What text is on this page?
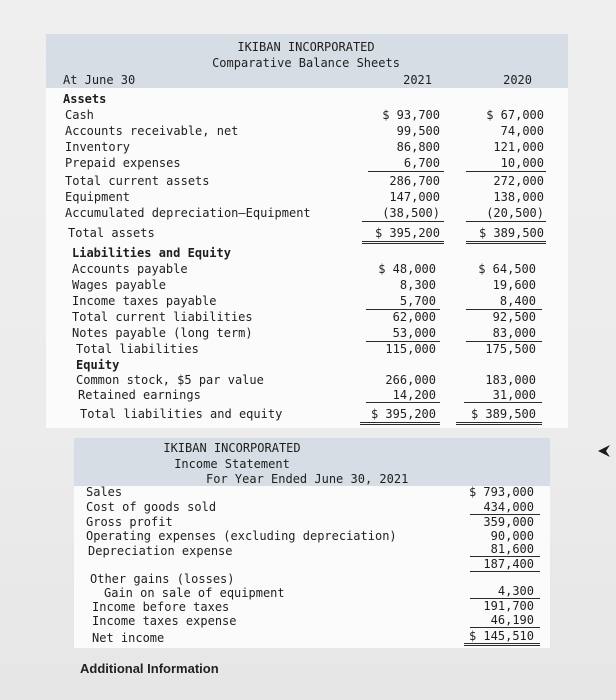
IKIBAN INCORPORATED
Comparative Balance Sheets
At June 30	2021	2020
Assets
Cash	$ 93,700	$ 67,000
Accounts receivable, net	99,500	74,000
Inventory	86,800	121,000
Prepaid expenses	6,700	10,000
Total current assets	286,700	272,000
Equipment	147,000	138,000
Accumulated depreciation—Equipment	(38,500)	(20,500)
Total assets	$ 395,200	$ 389,500
Liabilities and Equity
Accounts payable	$ 48,000	$ 64,500
Wages payable	8,300	19,600
Income taxes payable	5,700	8,400
Total current liabilities	62,000	92,500
Notes payable (long term)	53,000	83,000
Total liabilities	115,000	175,500
Equity
Common stock, $5 par value	266,000	183,000
Retained earnings	14,200	31,000
Total liabilities and equity	$ 395,200	$ 389,500
IKIBAN INCORPORATED
Income Statement
For Year Ended June 30, 2021
Sales	$ 793,000
Cost of goods sold	434,000
Gross profit	359,000
Operating expenses (excluding depreciation)	90,000
Depreciation expense	81,600
187,400
Other gains (losses)
Gain on sale of equipment	4,300
Income before taxes	191,700
Income taxes expense	46,190
Net income	$ 145,510
Additional Information
